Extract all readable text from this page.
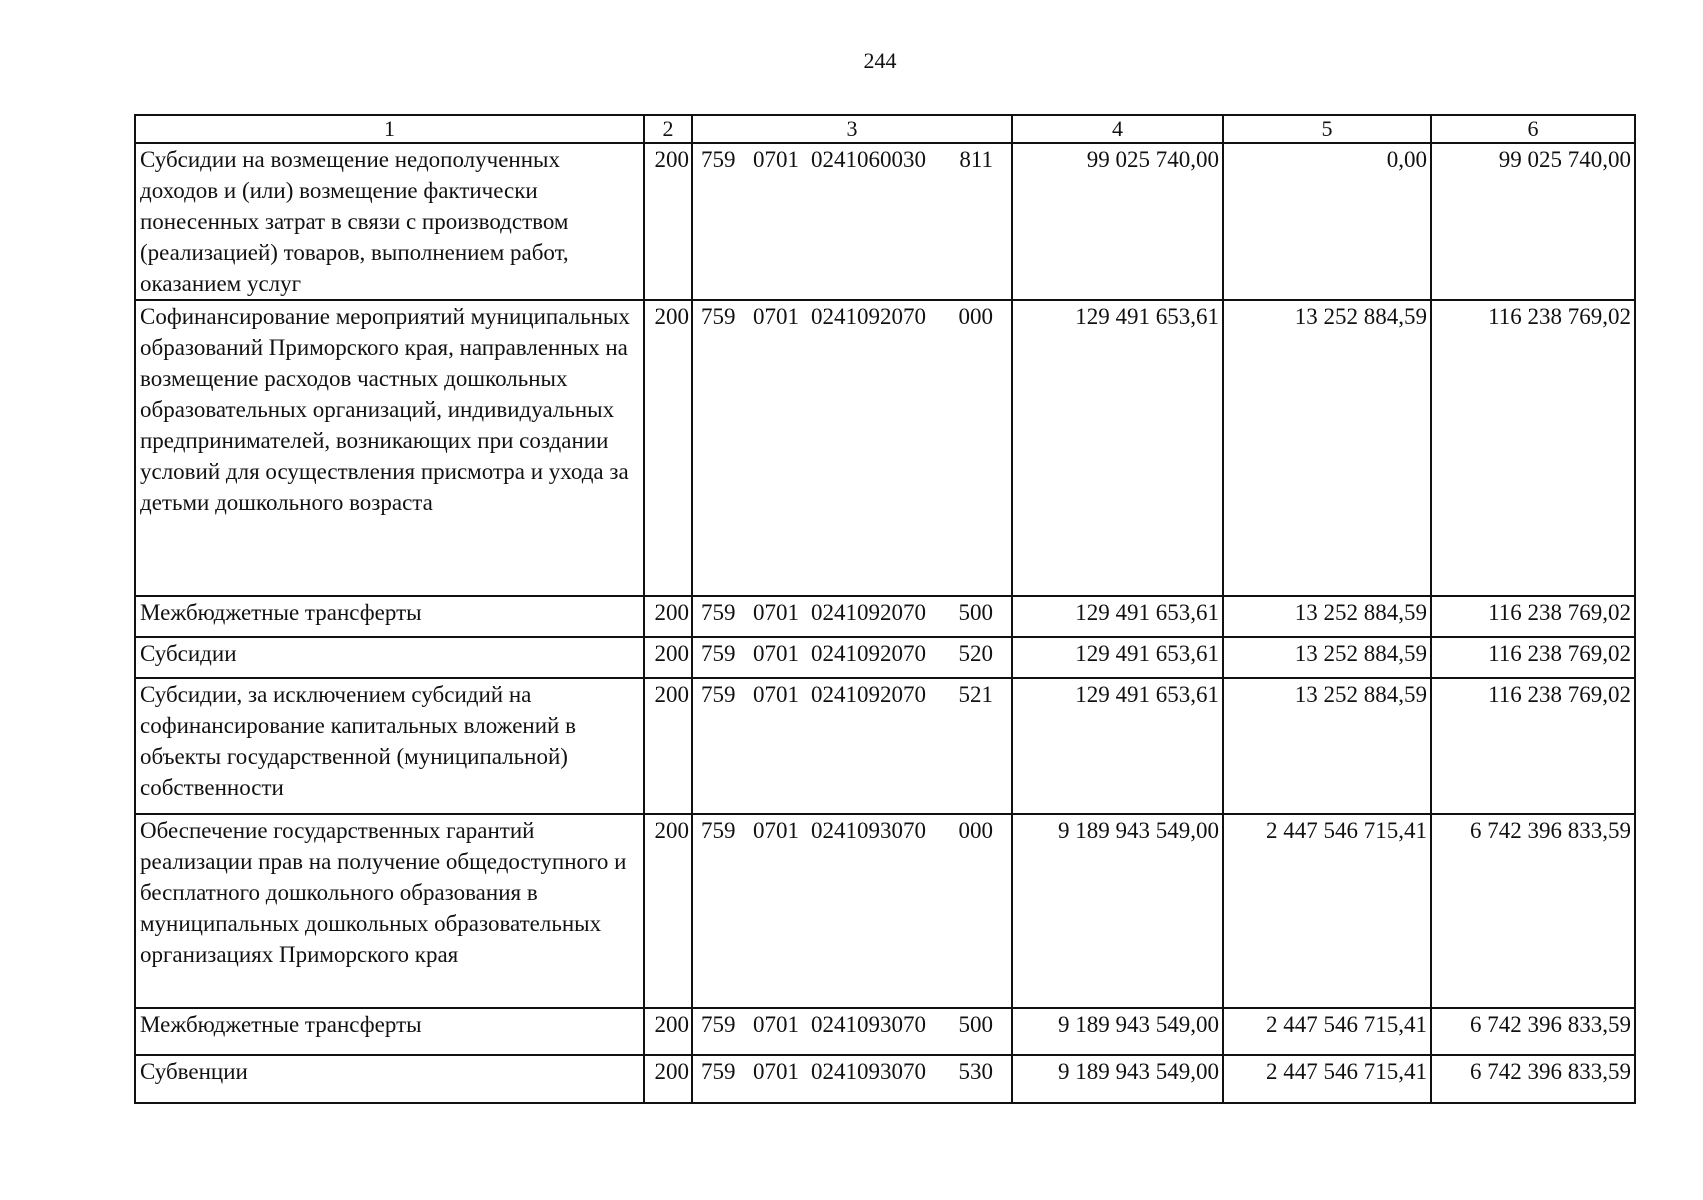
244
1	2	3	4	5	6
Субсидии на возмещение недополученных доходов и (или) возмещение фактически понесенных затрат в связи с производством (реализацией) товаров, выполнением работ, оказанием услуг	200	759 0701 0241060030 811	99 025 740,00	0,00	99 025 740,00
Софинансирование мероприятий муниципальных образований Приморского края, направленных на возмещение расходов частных дошкольных образовательных организаций, индивидуальных предпринимателей, возникающих при создании условий для осуществления присмотра и ухода за детьми дошкольного возраста	200	759 0701 0241092070 000	129 491 653,61	13 252 884,59	116 238 769,02
Межбюджетные трансферты	200	759 0701 0241092070 500	129 491 653,61	13 252 884,59	116 238 769,02
Субсидии	200	759 0701 0241092070 520	129 491 653,61	13 252 884,59	116 238 769,02
Субсидии, за исключением субсидий на софинансирование капитальных вложений в объекты государственной (муниципальной) собственности	200	759 0701 0241092070 521	129 491 653,61	13 252 884,59	116 238 769,02
Обеспечение государственных гарантий реализации прав на получение общедоступного и бесплатного дошкольного образования в муниципальных дошкольных образовательных организациях Приморского края	200	759 0701 0241093070 000	9 189 943 549,00	2 447 546 715,41	6 742 396 833,59
Межбюджетные трансферты	200	759 0701 0241093070 500	9 189 943 549,00	2 447 546 715,41	6 742 396 833,59
Субвенции	200	759 0701 0241093070 530	9 189 943 549,00	2 447 546 715,41	6 742 396 833,59
